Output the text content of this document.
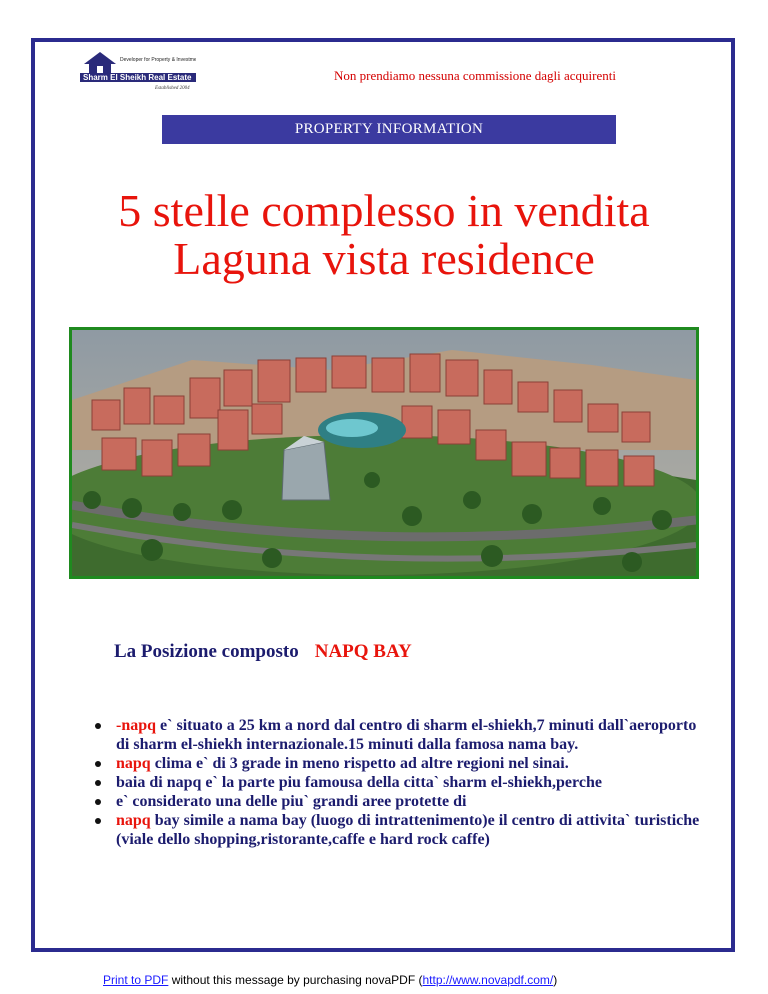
Developer for Property & Investments
Sharm El Sheikh Real Estate
Established 2004
Non prendiamo nessuna commissione dagli acquirenti
PROPERTY INFORMATION
5 stelle complesso in vendita
Laguna vista residence
La Posizione composto NAPQ BAY
-napq e` situato a 25 km a nord dal centro di sharm el-shiekh,7 minuti dall`aeroporto di sharm el-shiekh internazionale.15 minuti dalla famosa nama bay.
napq clima e` di 3 grade in meno rispetto ad altre regioni nel sinai.
baia di napq e` la parte piu famousa della citta` sharm el-shiekh,perche
e` considerato una delle piu` grandi aree protette di
napq bay simile a nama bay (luogo di intrattenimento)e il centro di attivita` turistiche (viale dello shopping,ristorante,caffe e hard rock caffe)
Print to PDF without this message by purchasing novaPDF (http://www.novapdf.com/)
